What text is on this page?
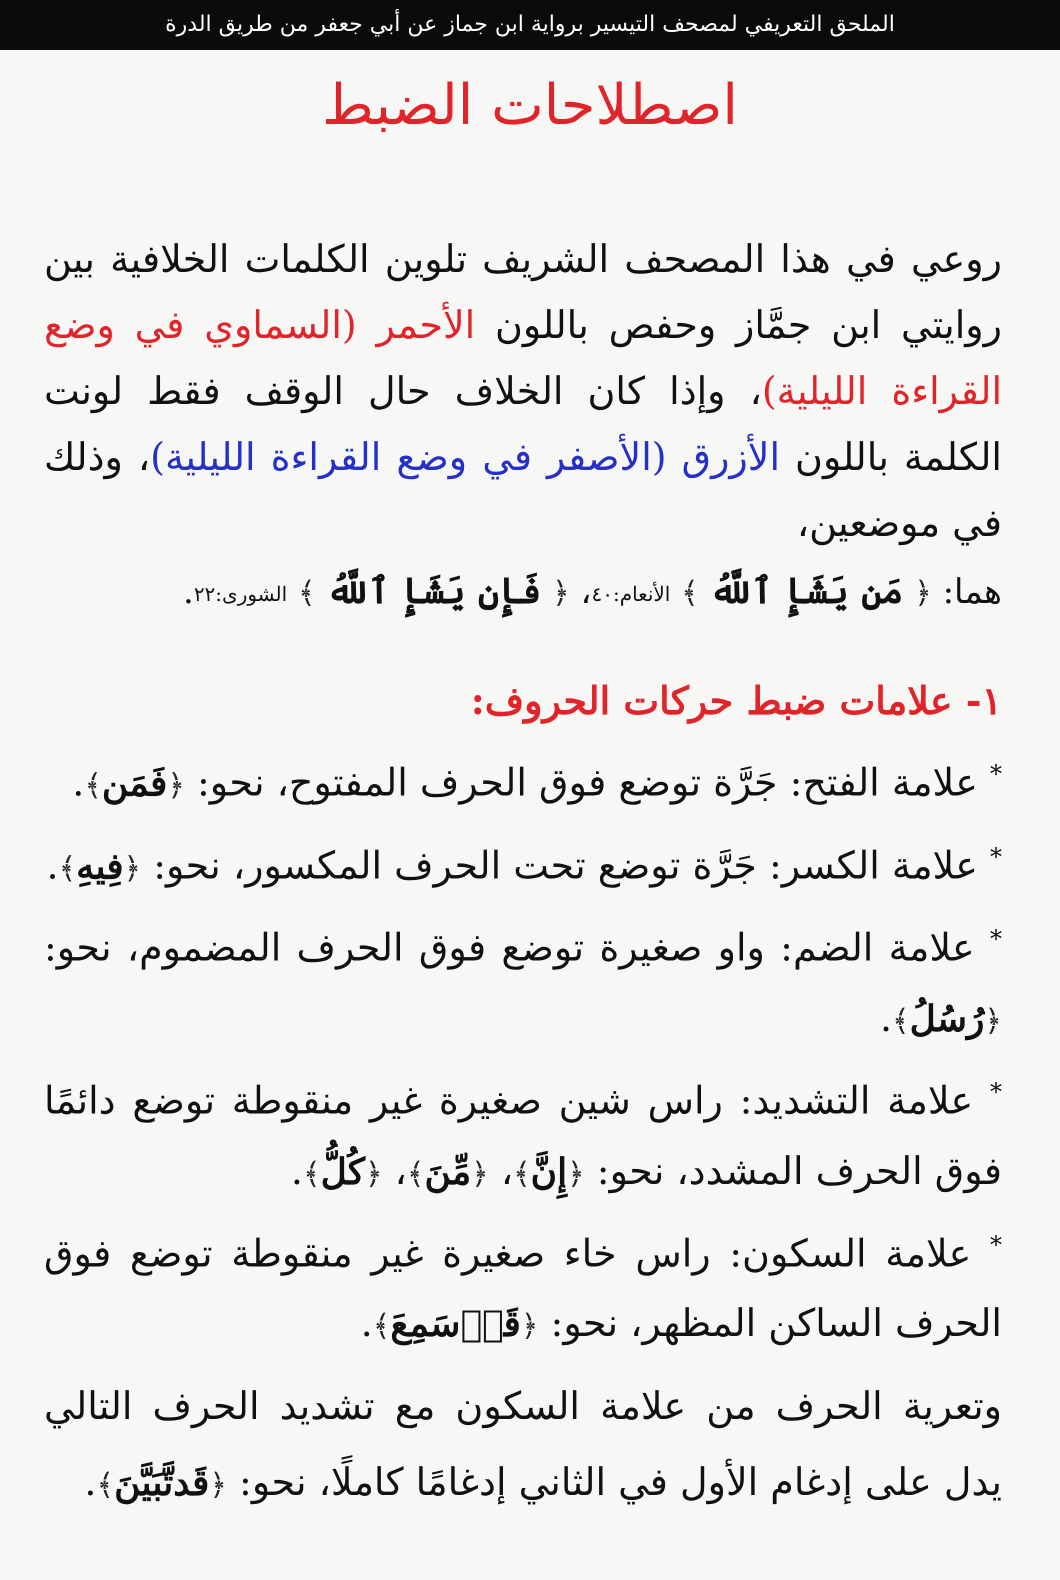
الملحق التعريفي لمصحف التيسير برواية ابن جماز عن أبي جعفر من طريق الدرة
اصطلاحات الضبط
روعي في هذا المصحف الشريف تلوين الكلمات الخلافية بين روايتي ابن جمَّاز وحفص باللون الأحمر (السماوي في وضع القراءة الليلية)، وإذا كان الخلاف حال الوقف فقط لونت الكلمة باللون الأزرق (الأصفر في وضع القراءة الليلية)، وذلك في موضعين،
هما: ﴿ مَن يَشَإِ ٱللَّهُ ﴾ الأنعام:٤٠، ﴿ فَإِن يَشَإِ ٱللَّهُ ﴾ الشورى:٢٢.
١- علامات ضبط حركات الحروف:

* علامة الفتح: جَرَّة توضع فوق الحرف المفتوح، نحو: ﴿فَمَن﴾.

* علامة الكسر: جَرَّة توضع تحت الحرف المكسور، نحو: ﴿فِيهِ﴾.

* علامة الضم: واو صغيرة توضع فوق الحرف المضموم، نحو: ﴿رُسُلُ﴾.

* علامة التشديد: راس شين صغيرة غير منقوطة توضع دائمًا فوق الحرف المشدد، نحو: ﴿إِنَّ﴾، ﴿مِّنَ﴾، ﴿كُلُّ﴾.

* علامة السكون: راس خاء صغيرة غير منقوطة توضع فوق الحرف الساكن المظهر، نحو: ﴿قَدۡسَمِعَ﴾.

وتعرية الحرف من علامة السكون مع تشديد الحرف التالي يدل على إدغام الأول في الثاني إدغامًا كاملًا، نحو: ﴿قَدتَّبَيَّنَ﴾.
